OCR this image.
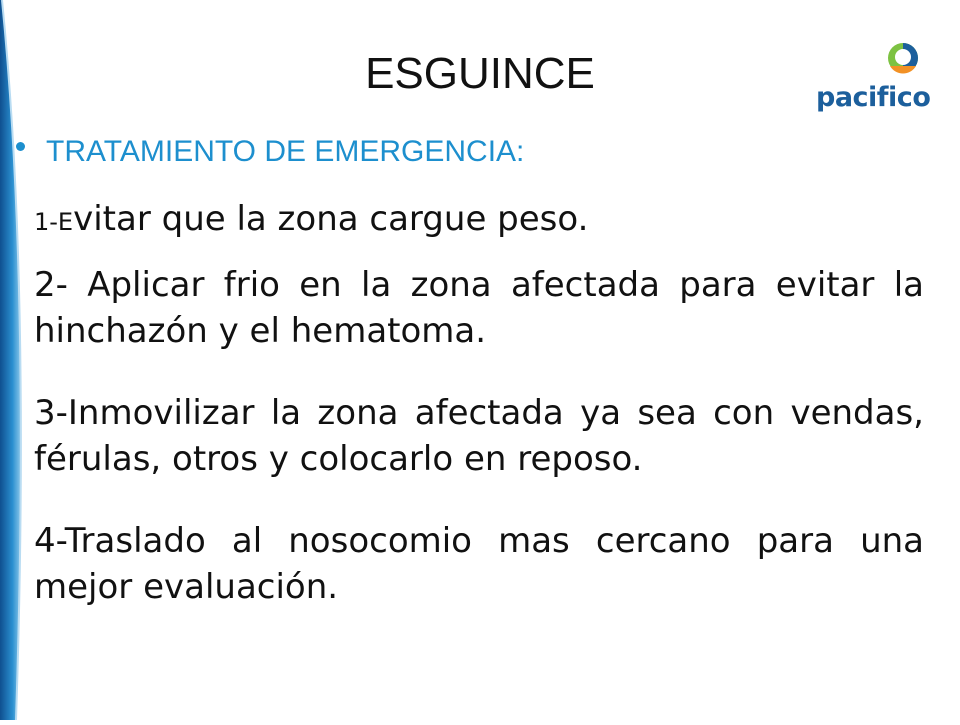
ESGUINCE	pacifico
TRATAMIENTO DE EMERGENCIA:
1-Evitar que la zona cargue peso.
2- Aplicar frio en la zona afectada para evitar la hinchazón y el hematoma.
3-Inmovilizar la zona afectada ya sea con vendas, férulas, otros y colocarlo en reposo.
4-Traslado al nosocomio mas cercano para una mejor evaluación.
